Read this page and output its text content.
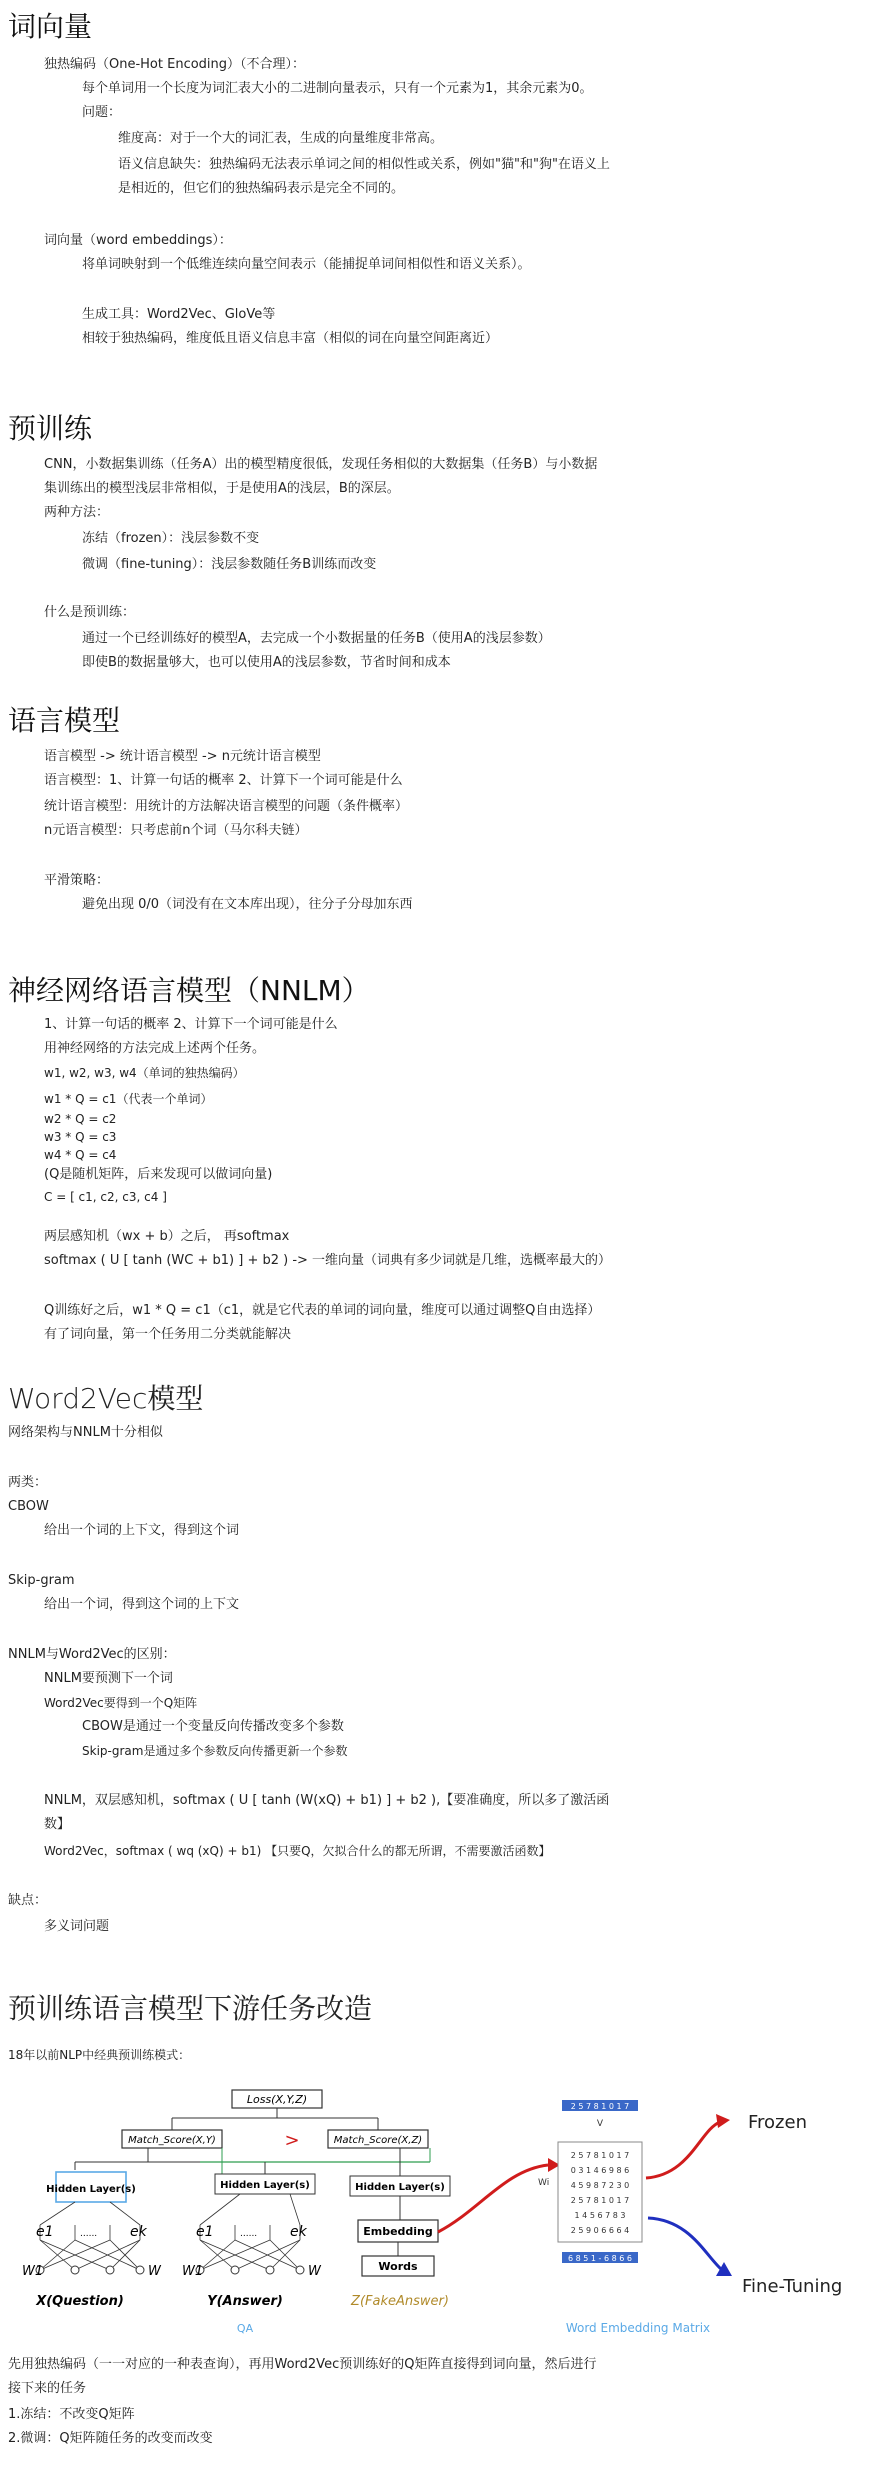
词向量
独热编码（One-Hot Encoding）（不合理）：
每个单词用一个长度为词汇表大小的二进制向量表示，只有一个元素为1，其余元素为0。
问题：
维度高：对于一个大的词汇表，生成的向量维度非常高。
语义信息缺失：独热编码无法表示单词之间的相似性或关系，例如"猫"和"狗"在语义上
是相近的，但它们的独热编码表示是完全不同的。
词向量（word embeddings）：
将单词映射到一个低维连续向量空间表示（能捕捉单词间相似性和语义关系）。
生成工具：Word2Vec、GloVe等
相较于独热编码，维度低且语义信息丰富（相似的词在向量空间距离近）
预训练
CNN，小数据集训练（任务A）出的模型精度很低，发现任务相似的大数据集（任务B）与小数据
集训练出的模型浅层非常相似，于是使用A的浅层，B的深层。
两种方法：
冻结（frozen）：浅层参数不变
微调（fine-tuning）：浅层参数随任务B训练而改变
什么是预训练：
通过一个已经训练好的模型A，去完成一个小数据量的任务B（使用A的浅层参数）
即使B的数据量够大，也可以使用A的浅层参数，节省时间和成本
语言模型
语言模型 -> 统计语言模型 -> n元统计语言模型
语言模型：1、计算一句话的概率 2、计算下一个词可能是什么
统计语言模型：用统计的方法解决语言模型的问题（条件概率）
n元语言模型：只考虑前n个词（马尔科夫链）
平滑策略：
避免出现 0/0（词没有在文本库出现），往分子分母加东西
神经网络语言模型（NNLM）
1、计算一句话的概率 2、计算下一个词可能是什么
用神经网络的方法完成上述两个任务。
w1, w2, w3, w4（单词的独热编码）
w1 * Q = c1（代表一个单词）
w2 * Q = c2
w3 * Q = c3
w4 * Q = c4
(Q是随机矩阵，后来发现可以做词向量)
C = [ c1, c2, c3, c4 ]
两层感知机（wx + b）之后， 再softmax
softmax ( U [ tanh (WC + b1) ] + b2 ) -> 一维向量（词典有多少词就是几维，选概率最大的）
Q训练好之后，w1 * Q = c1（c1，就是它代表的单词的词向量，维度可以通过调整Q自由选择）
有了词向量，第一个任务用二分类就能解决
Word2Vec模型
网络架构与NNLM十分相似
两类：
CBOW
给出一个词的上下文，得到这个词
Skip-gram
给出一个词，得到这个词的上下文
NNLM与Word2Vec的区别：
NNLM要预测下一个词
Word2Vec要得到一个Q矩阵
CBOW是通过一个变量反向传播改变多个参数
Skip-gram是通过多个参数反向传播更新一个参数
NNLM，双层感知机，softmax ( U [ tanh (W(xQ) + b1) ] + b2 ),【要准确度，所以多了激活函
数】
Word2Vec，softmax ( wq (xQ) + b1) 【只要Q，欠拟合什么的都无所谓，不需要激活函数】
缺点：
多义词问题
预训练语言模型下游任务改造
18年以前NLP中经典预训练模式：
Loss(X,Y,Z)
Match_Score(X,Y)	>	Match_Score(X,Z)
Hidden Layer(s)	Hidden Layer(s)	Hidden Layer(s)
e1	ek
......
W1	W
X(Question)
e1	ek
......
W1	W
Y(Answer)
Embedding
Words
Z(FakeAnswer)
QA
2 5 7 8 1 0 1 7
V
Wi
2 5 7 8 1 0 1 7
0 3 1 4 6 9 8 6
4 5 9 8 7 2 3 0
2 5 7 8 1 0 1 7
1 4 5 6 7 8 3
2 5 9 0 6 6 6 4
6 8 5 1 - 6 8 6 6
Frozen
Fine-Tuning
Word Embedding Matrix
先用独热编码（一一对应的一种表查询），再用Word2Vec预训练好的Q矩阵直接得到词向量，然后进行
接下来的任务
1.冻结：不改变Q矩阵
2.微调：Q矩阵随任务的改变而改变
